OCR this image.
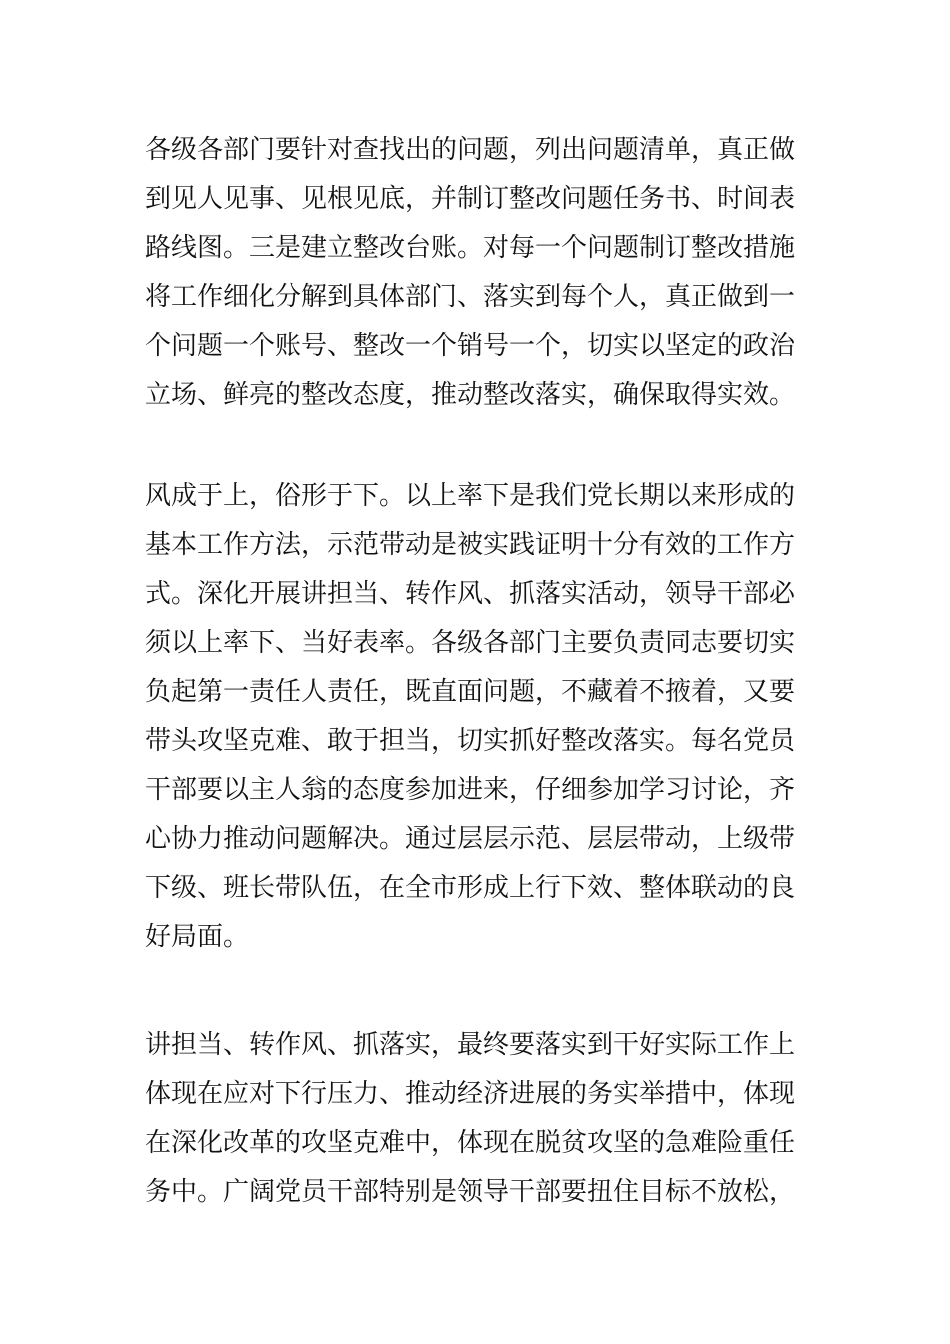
各级各部门要针对查找出的问题，列出问题清单，真正做
到见人见事、见根见底，并制订整改问题任务书、时间表
路线图。三是建立整改台账。对每一个问题制订整改措施
将工作细化分解到具体部门、落实到每个人，真正做到一
个问题一个账号、整改一个销号一个，切实以坚定的政治
立场、鲜亮的整改态度，推动整改落实，确保取得实效。
风成于上，俗形于下。以上率下是我们党长期以来形成的
基本工作方法，示范带动是被实践证明十分有效的工作方
式。深化开展讲担当、转作风、抓落实活动，领导干部必
须以上率下、当好表率。各级各部门主要负责同志要切实
负起第一责任人责任，既直面问题，不藏着不掖着，又要
带头攻坚克难、敢于担当，切实抓好整改落实。每名党员
干部要以主人翁的态度参加进来，仔细参加学习讨论，齐
心协力推动问题解决。通过层层示范、层层带动，上级带
下级、班长带队伍，在全市形成上行下效、整体联动的良
好局面。
讲担当、转作风、抓落实，最终要落实到干好实际工作上
体现在应对下行压力、推动经济进展的务实举措中，体现
在深化改革的攻坚克难中，体现在脱贫攻坚的急难险重任
务中。广阔党员干部特别是领导干部要扭住目标不放松，
